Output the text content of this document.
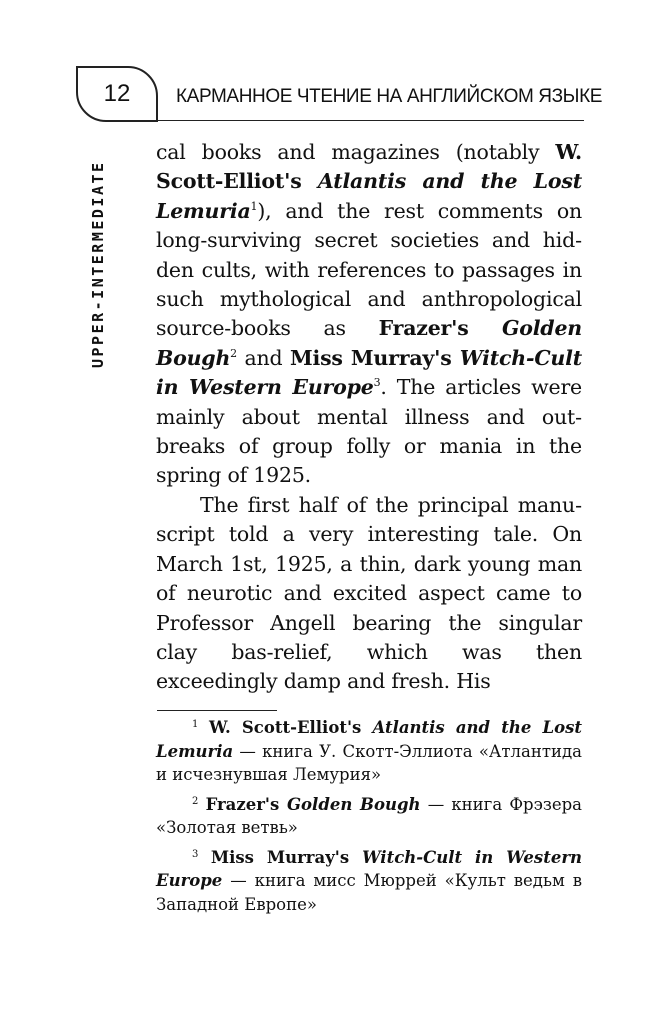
12	КАРМАННОЕ ЧТЕНИЕ НА АНГЛИЙСКОМ ЯЗЫКЕ
UPPER-INTERMEDIATE

cal books and magazines (notably W. Scott-Elliot's Atlantis and the Lost Lemuria$^1$), and the rest comments on long-surviving secret societies and hidden cults, with references to passages in such mythological and anthropological source-books as Frazer's Golden Bough$^2$ and Miss Murray's Witch-Cult in Western Europe$^3$. The articles were mainly about mental illness and outbreaks of group folly or mania in the spring of 1925.

The first half of the principal manuscript told a very interesting tale. On March 1st, 1925, a thin, dark young man of neurotic and excited aspect came to Professor Angell bearing the singular clay bas-relief, which was then exceedingly damp and fresh. His

$^1$ W. Scott-Elliot's Atlantis and the Lost Lemuria — книга У. Скотт-Эллиота «Атлантида и исчезнувшая Лемурия»

$^2$ Frazer's Golden Bough — книга Фрэзера «Золотая ветвь»

$^3$ Miss Murray's Witch-Cult in Western Europe — книга мисс Мюррей «Культ ведьм в Западной Европе»
